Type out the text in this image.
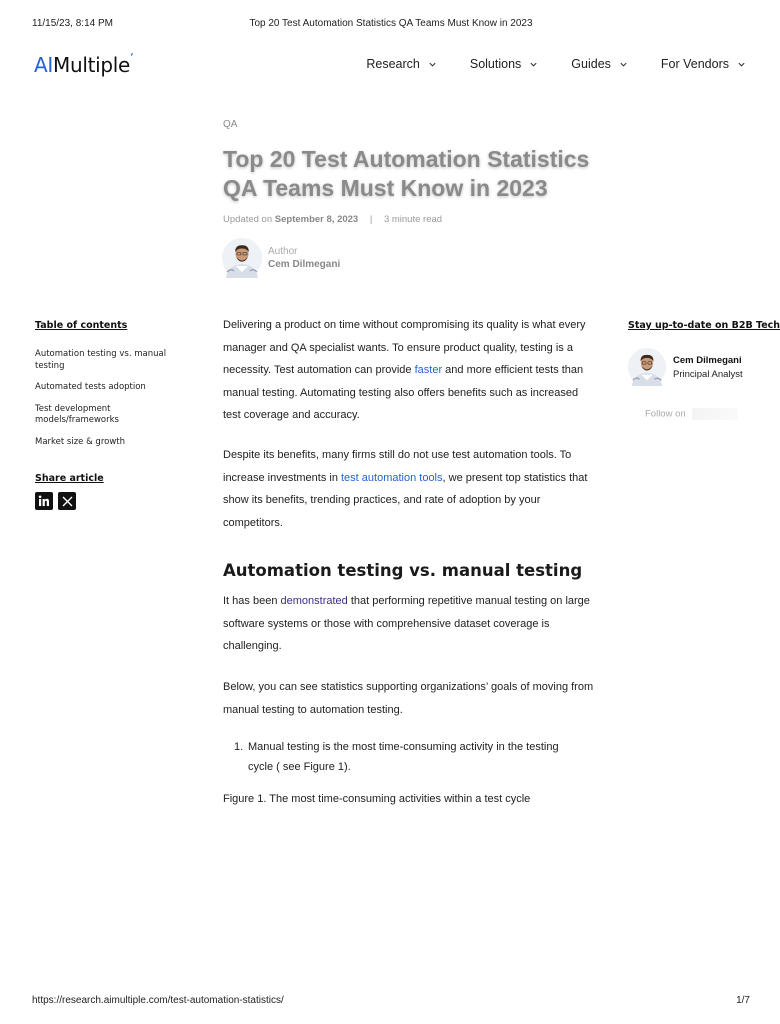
11/15/23, 8:14 PM	Top 20 Test Automation Statistics QA Teams Must Know in 2023
AIMultiple’	Research	Solutions	Guides	For Vendors
QA
Top 20 Test Automation Statistics QA Teams Must Know in 2023
Updated on September 8, 2023 | 3 minute read
Author
Cem Dilmegani
Table of contents
Automation testing vs. manual testing
Automated tests adoption
Test development models/frameworks
Market size & growth
Share article

Delivering a product on time without compromising its quality is what every manager and QA specialist wants. To ensure product quality, testing is a necessity. Test automation can provide faster and more efficient tests than manual testing. Automating testing also offers benefits such as increased test coverage and accuracy.

Despite its benefits, many firms still do not use test automation tools. To increase investments in test automation tools, we present top statistics that show its benefits, trending practices, and rate of adoption by your competitors.

Automation testing vs. manual testing

It has been demonstrated that performing repetitive manual testing on large software systems or those with comprehensive dataset coverage is challenging.

Below, you can see statistics supporting organizations’ goals of moving from manual testing to automation testing.

1. Manual testing is the most time-consuming activity in the testing cycle ( see Figure 1).
Figure 1. The most time-consuming activities within a test cycle
Stay up-to-date on B2B Tech
Cem Dilmegani
Principal Analyst
Follow on
https://research.aimultiple.com/test-automation-statistics/	1/7
